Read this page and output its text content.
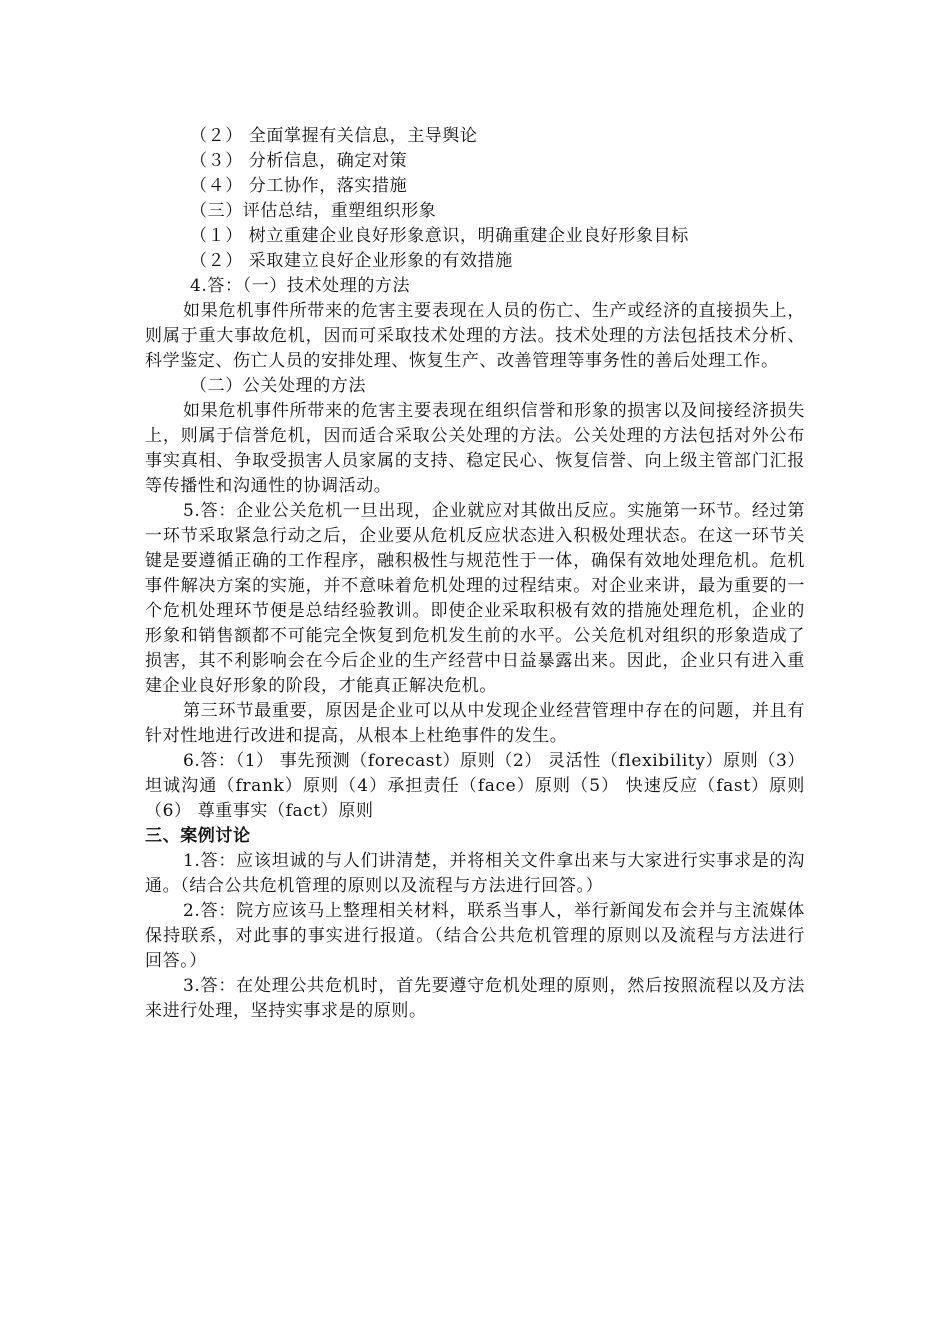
（２） 全面掌握有关信息，主导舆论
（３） 分析信息，确定对策
（４） 分工协作，落实措施
（三）评估总结，重塑组织形象
（１） 树立重建企业良好形象意识，明确重建企业良好形象目标
（２） 采取建立良好企业形象的有效措施
4.答：（一）技术处理的方法

如果危机事件所带来的危害主要表现在人员的伤亡、生产或经济的直接损失上，则属于重大事故危机，因而可采取技术处理的方法。技术处理的方法包括技术分析、科学鉴定、伤亡人员的安排处理、恢复生产、改善管理等事务性的善后处理工作。

（二）公关处理的方法

如果危机事件所带来的危害主要表现在组织信誉和形象的损害以及间接经济损失上，则属于信誉危机，因而适合采取公关处理的方法。公关处理的方法包括对外公布事实真相、争取受损害人员家属的支持、稳定民心、恢复信誉、向上级主管部门汇报等传播性和沟通性的协调活动。

5.答：企业公关危机一旦出现，企业就应对其做出反应。实施第一环节。经过第一环节采取紧急行动之后，企业要从危机反应状态进入积极处理状态。在这一环节关键是要遵循正确的工作程序，融积极性与规范性于一体，确保有效地处理危机。危机事件解决方案的实施，并不意味着危机处理的过程结束。对企业来讲，最为重要的一个危机处理环节便是总结经验教训。即使企业采取积极有效的措施处理危机，企业的形象和销售额都不可能完全恢复到危机发生前的水平。公关危机对组织的形象造成了损害，其不利影响会在今后企业的生产经营中日益暴露出来。因此，企业只有进入重建企业良好形象的阶段，才能真正解决危机。

第三环节最重要，原因是企业可以从中发现企业经营管理中存在的问题，并且有针对性地进行改进和提高，从根本上杜绝事件的发生。

6.答：（1） 事先预测（forecast）原则（2） 灵活性（flexibility）原则（3） 坦诚沟通（frank）原则（4）承担责任（face）原则（5） 快速反应（fast）原则（6） 尊重事实（fact）原则

三、案例讨论

1.答：应该坦诚的与人们讲清楚，并将相关文件拿出来与大家进行实事求是的沟通。（结合公共危机管理的原则以及流程与方法进行回答。）

2.答：院方应该马上整理相关材料，联系当事人，举行新闻发布会并与主流媒体保持联系，对此事的事实进行报道。（结合公共危机管理的原则以及流程与方法进行回答。）

3.答：在处理公共危机时，首先要遵守危机处理的原则，然后按照流程以及方法来进行处理，坚持实事求是的原则。
